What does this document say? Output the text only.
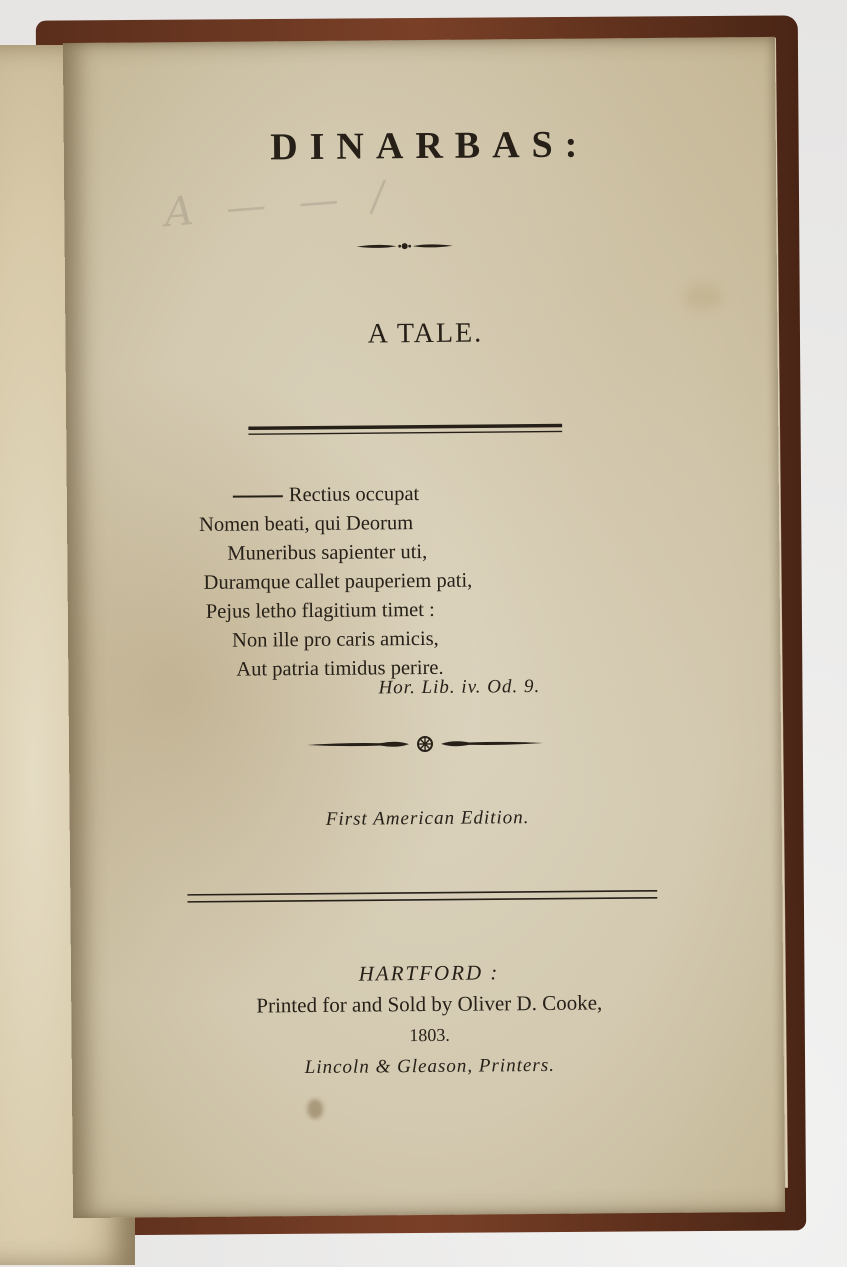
A — — /
DINARBAS:
A TALE.
Rectius occupat
Nomen beati, qui Deorum
Muneribus sapienter uti,
Duramque callet pauperiem pati,
Pejus letho flagitium timet :
Non ille pro caris amicis,
Aut patria timidus perire.
Hor. Lib. iv. Od. 9.
First American Edition.
HARTFORD :
Printed for and Sold by Oliver D. Cooke,
1803.
Lincoln & Gleason, Printers.
